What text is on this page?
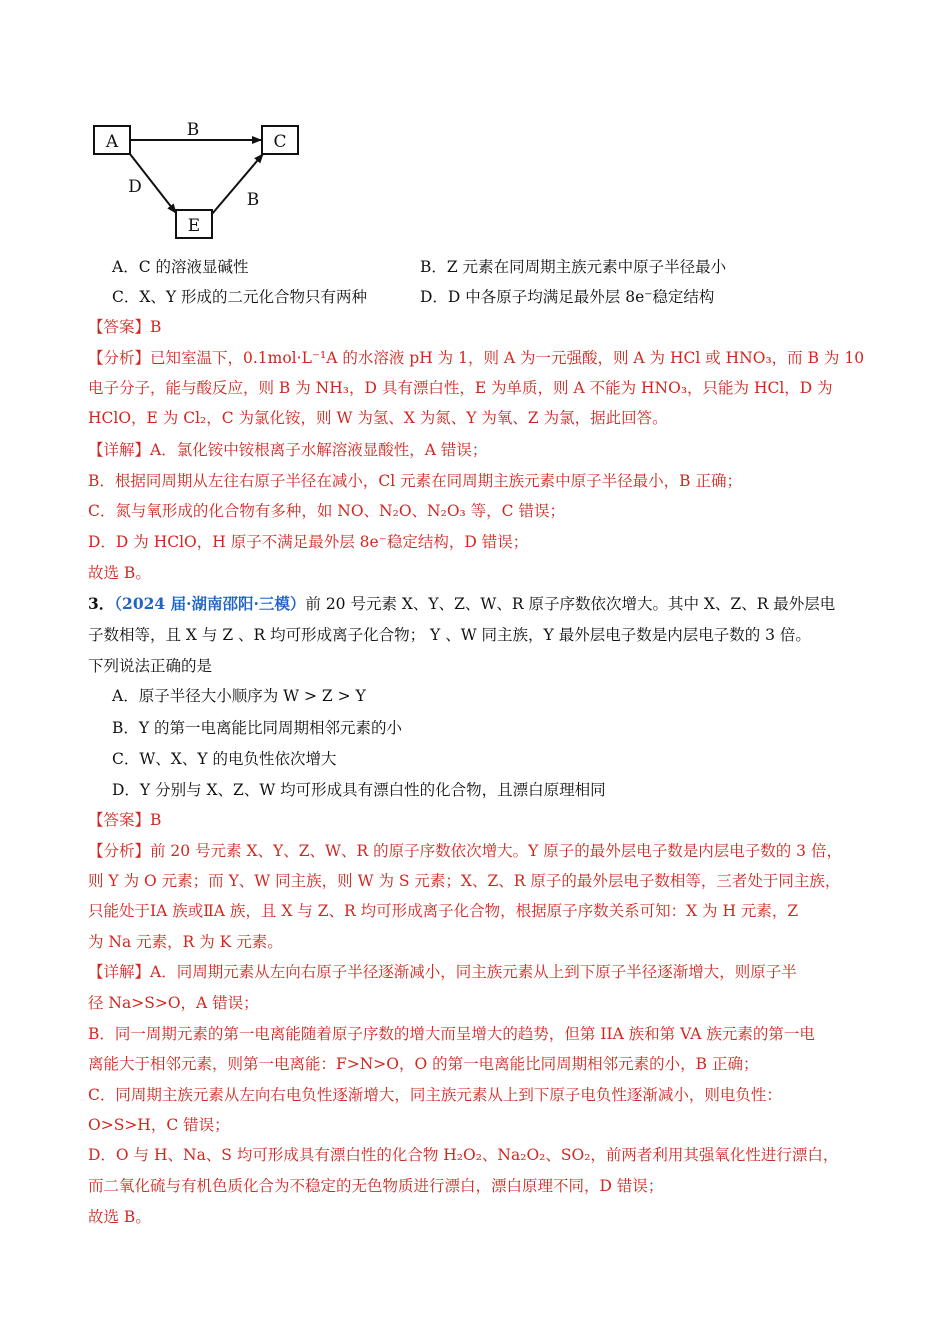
A	C
E
B
D
B
A．C 的溶液显碱性	B．Z 元素在同周期主族元素中原子半径最小
C．X、Y 形成的二元化合物只有两种	D．D 中各原子均满足最外层 8e⁻稳定结构
【答案】B
【分析】已知室温下，0.1mol·L⁻¹A 的水溶液 pH 为 1，则 A 为一元强酸，则 A 为 HCl 或 HNO₃，而 B 为 10
电子分子，能与酸反应，则 B 为 NH₃，D 具有漂白性，E 为单质，则 A 不能为 HNO₃，只能为 HCl，D 为
HClO，E 为 Cl₂，C 为氯化铵，则 W 为氢、X 为氮、Y 为氧、Z 为氯，据此回答。
【详解】A．氯化铵中铵根离子水解溶液显酸性，A 错误；
B．根据同周期从左往右原子半径在减小，Cl 元素在同周期主族元素中原子半径最小，B 正确；
C．氮与氧形成的化合物有多种，如 NO、N₂O、N₂O₃ 等，C 错误；
D．D 为 HClO，H 原子不满足最外层 8e⁻稳定结构，D 错误；
故选 B。
3．（2024 届·湖南邵阳·三模）前 20 号元素 X、Y、Z、W、R 原子序数依次增大。其中 X、Z、R 最外层电
子数相等，且 X 与 Z 、R 均可形成离子化合物； Y 、W 同主族，Y 最外层电子数是内层电子数的 3 倍。
下列说法正确的是
A．原子半径大小顺序为 W > Z > Y
B．Y 的第一电离能比同周期相邻元素的小
C．W、X、Y 的电负性依次增大
D．Y 分别与 X、Z、W 均可形成具有漂白性的化合物，且漂白原理相同
【答案】B
【分析】前 20 号元素 X、Y、Z、W、R 的原子序数依次增大。Y 原子的最外层电子数是内层电子数的 3 倍，
则 Y 为 O 元素；而 Y、W 同主族，则 W 为 S 元素；X、Z、R 原子的最外层电子数相等，三者处于同主族，
只能处于ⅠA 族或ⅡA 族，且 X 与 Z、R 均可形成离子化合物，根据原子序数关系可知：X 为 H 元素，Z
为 Na 元素，R 为 K 元素。
【详解】A．同周期元素从左向右原子半径逐渐减小，同主族元素从上到下原子半径逐渐增大，则原子半
径 Na>S>O，A 错误；
B．同一周期元素的第一电离能随着原子序数的增大而呈增大的趋势，但第 IIA 族和第 VA 族元素的第一电
离能大于相邻元素，则第一电离能：F>N>O，O 的第一电离能比同周期相邻元素的小，B 正确；
C．同周期主族元素从左向右电负性逐渐增大，同主族元素从上到下原子电负性逐渐减小，则电负性：
O>S>H，C 错误；
D．O 与 H、Na、S 均可形成具有漂白性的化合物 H₂O₂、Na₂O₂、SO₂，前两者利用其强氧化性进行漂白，
而二氧化硫与有机色质化合为不稳定的无色物质进行漂白，漂白原理不同，D 错误；
故选 B。
